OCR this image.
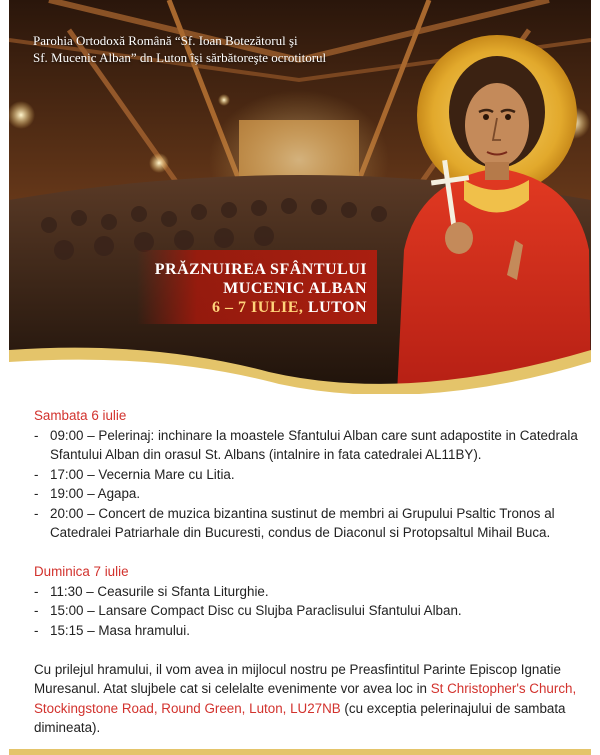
Parohia Ortodoxă Română “Sf. Ioan Botezătorul şi
Sf. Mucenic Alban” dn Luton îşi sărbătoreşte ocrotitorul
PRĂZNUIREA SFÂNTULUI
MUCENIC ALBAN
6 – 7 IULIE, LUTON
Sambata 6 iulie
- 09:00 – Pelerinaj: inchinare la moastele Sfantului Alban care sunt adapostite in Catedrala Sfantului Alban din orasul St. Albans (intalnire in fata catedralei AL11BY).
- 17:00 – Vecernia Mare cu Litia.
- 19:00 – Agapa.
- 20:00 – Concert de muzica bizantina sustinut de membri ai Grupului Psaltic Tronos al Catedralei Patriarhale din Bucuresti, condus de Diaconul si Protopsaltul Mihail Buca.
Duminica 7 iulie
- 11:30 – Ceasurile si Sfanta Liturghie.
- 15:00 – Lansare Compact Disc cu Slujba Paraclisului Sfantului Alban.
- 15:15 – Masa hramului.

Cu prilejul hramului, il vom avea in mijlocul nostru pe Preasfintitul Parinte Episcop Ignatie Muresanul. Atat slujbele cat si celelalte evenimente vor avea loc in St Christopher's Church, Stockingstone Road, Round Green, Luton, LU27NB (cu exceptia pelerinajului de sambata dimineata).
